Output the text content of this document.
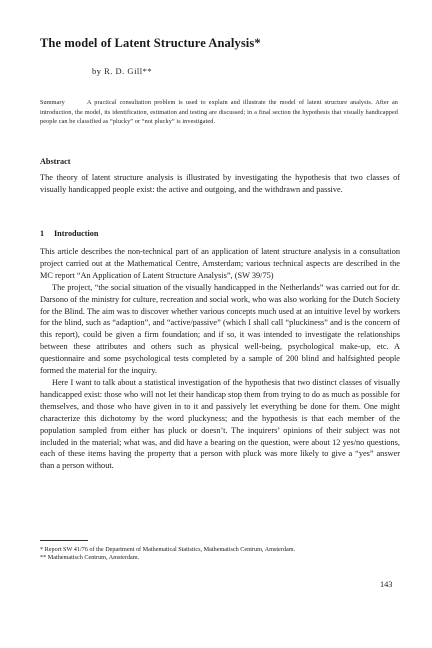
The model of Latent Structure Analysis*
by R. D. Gill**
Summary	A practical consultation problem is used to explain and illustrate the model of latent structure analysis. After an introduction, the model, its identification, estimation and testing are discussed; in a final section the hypothesis that visually handicapped people can be classified as “plucky” or “not plucky” is investigated.
Abstract

The theory of latent structure analysis is illustrated by investigating the hypothesis that two classes of visually handicapped people exist: the active and outgoing, and the withdrawn and passive.

1 Introduction

This article describes the non-technical part of an application of latent structure analysis in a consultation project carried out at the Mathematical Centre, Amsterdam; various technical aspects are described in the MC report “An Application of Latent Structure Analysis”, (SW 39/75)

The project, “the social situation of the visually handicapped in the Netherlands” was carried out for dr. Darsono of the ministry for culture, recreation and social work, who was also working for the Dutch Society for the Blind. The aim was to discover whether various concepts much used at an intuitive level by workers for the blind, such as “adaption”, and “active/passive” (which I shall call “pluckiness” and is the concern of this report), could be given a firm foundation; and if so, it was intended to investigate the relationships between these attributes and others such as physical well-being, psychological make-up, etc. A questionnaire and some psychological tests completed by a sample of 200 blind and halfsighted people formed the material for the inquiry.

Here I want to talk about a statistical investigation of the hypothesis that two distinct classes of visually handicapped exist: those who will not let their handicap stop them from trying to do as much as possible for themselves, and those who have given in to it and passively let everything be done for them. One might characterize this dichotomy by the word pluckyness; and the hypothesis is that each member of the population sampled from either has pluck or doesn’t. The inquirers’ opinions of their subject was not included in the material; what was, and did have a bearing on the question, were about 12 yes/no questions, each of these items having the property that a person with pluck was more likely to give a “yes” answer than a person without.

* Report SW 41/76 of the Department of Mathematical Statistics, Mathematisch Centrum, Amsterdam.
** Mathematisch Centrum, Amsterdam.
143
